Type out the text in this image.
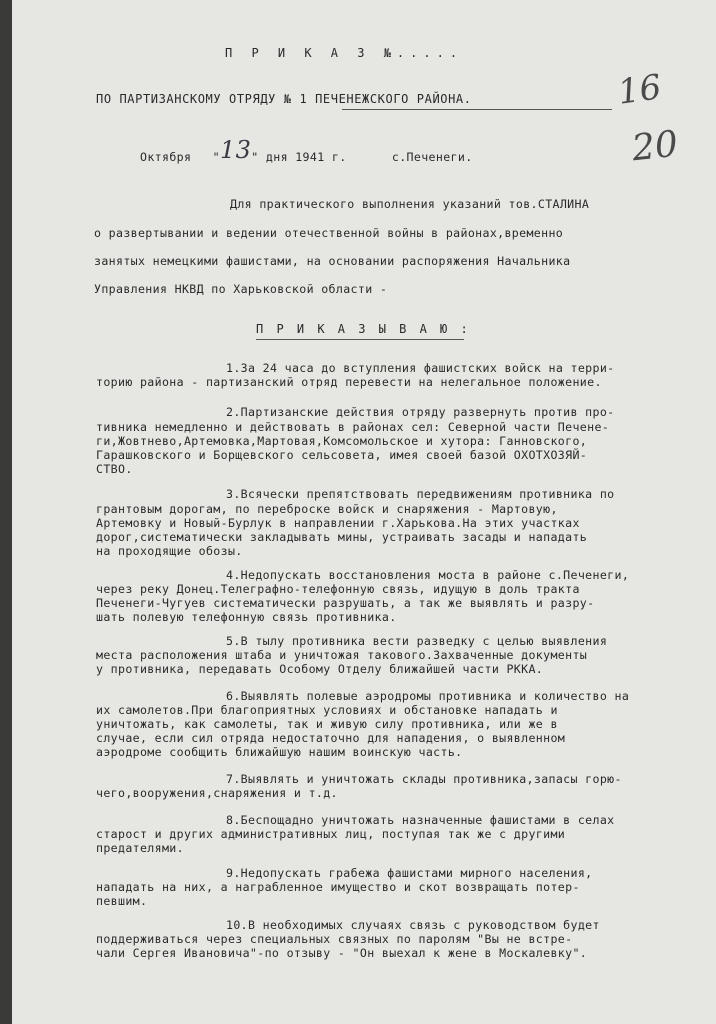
П Р И К А З №.....
ПО ПАРТИЗАНСКОМУ ОТРЯДУ № 1 ПЕЧЕНЕЖСКОГО РАЙОНА.	16
20
Октября "13" дня 1941 г.	с.Печенеги.
Для практического выполнения указаний тов.СТАЛИНА
о развертывании и ведении отечественной войны в районах,временно
занятых немецкими фашистами, на основании распоряжения Начальника
Управления НКВД по Харьковской области -
П Р И К А З Ы В А Ю :
1.За 24 часа до вступления фашистских войск на терри-
торию района - партизанский отряд перевести на нелегальное положение.
2.Партизанские действия отряду развернуть против про-
тивника немедленно и действовать в районах сел: Северной части Печене-
ги,Жовтнево,Артемовка,Мартовая,Комсомольское и хутора: Ганновского,
Гарашковского и Борщевского сельсовета, имея своей базой ОХОТХОЗЯЙ-
СТВО.
3.Всячески препятствовать передвижениям противника по
грантовым дорогам, по переброске войск и снаряжения - Мартовую,
Артемовку и Новый-Бурлук в направлении г.Харькова.На этих участках
дорог,систематически закладывать мины, устраивать засады и нападать
на проходящие обозы.
4.Недопускать восстановления моста в районе с.Печенеги,
через реку Донец.Телеграфно-телефонную связь, идущую в доль тракта
Печенеги-Чугуев систематически разрушать, а так же выявлять и разру-
шать полевую телефонную связь противника.
5.В тылу противника вести разведку с целью выявления
места расположения штаба и уничтожая такового.Захваченные документы
у противника, передавать Особому Отделу ближайшей части РККА.
6.Выявлять полевые аэродромы противника и количество на
их самолетов.При благоприятных условиях и обстановке нападать и
уничтожать, как самолеты, так и живую силу противника, или же в
случае, если сил отряда недостаточно для нападения, о выявленном
аэродроме сообщить ближайшую нашим воинскую часть.
7.Выявлять и уничтожать склады противника,запасы горю-
чего,вооружения,снаряжения и т.д.
8.Беспощадно уничтожать назначенные фашистами в селах
старост и других административных лиц, поступая так же с другими
предателями.
9.Недопускать грабежа фашистами мирного населения,
нападать на них, а награбленное имущество и скот возвращать потер-
певшим.
10.В необходимых случаях связь с руководством будет
поддерживаться через специальных связных по паролям "Вы не встре-
чали Сергея Ивановича"-по отзыву - "Он выехал к жене в Москалевку".
